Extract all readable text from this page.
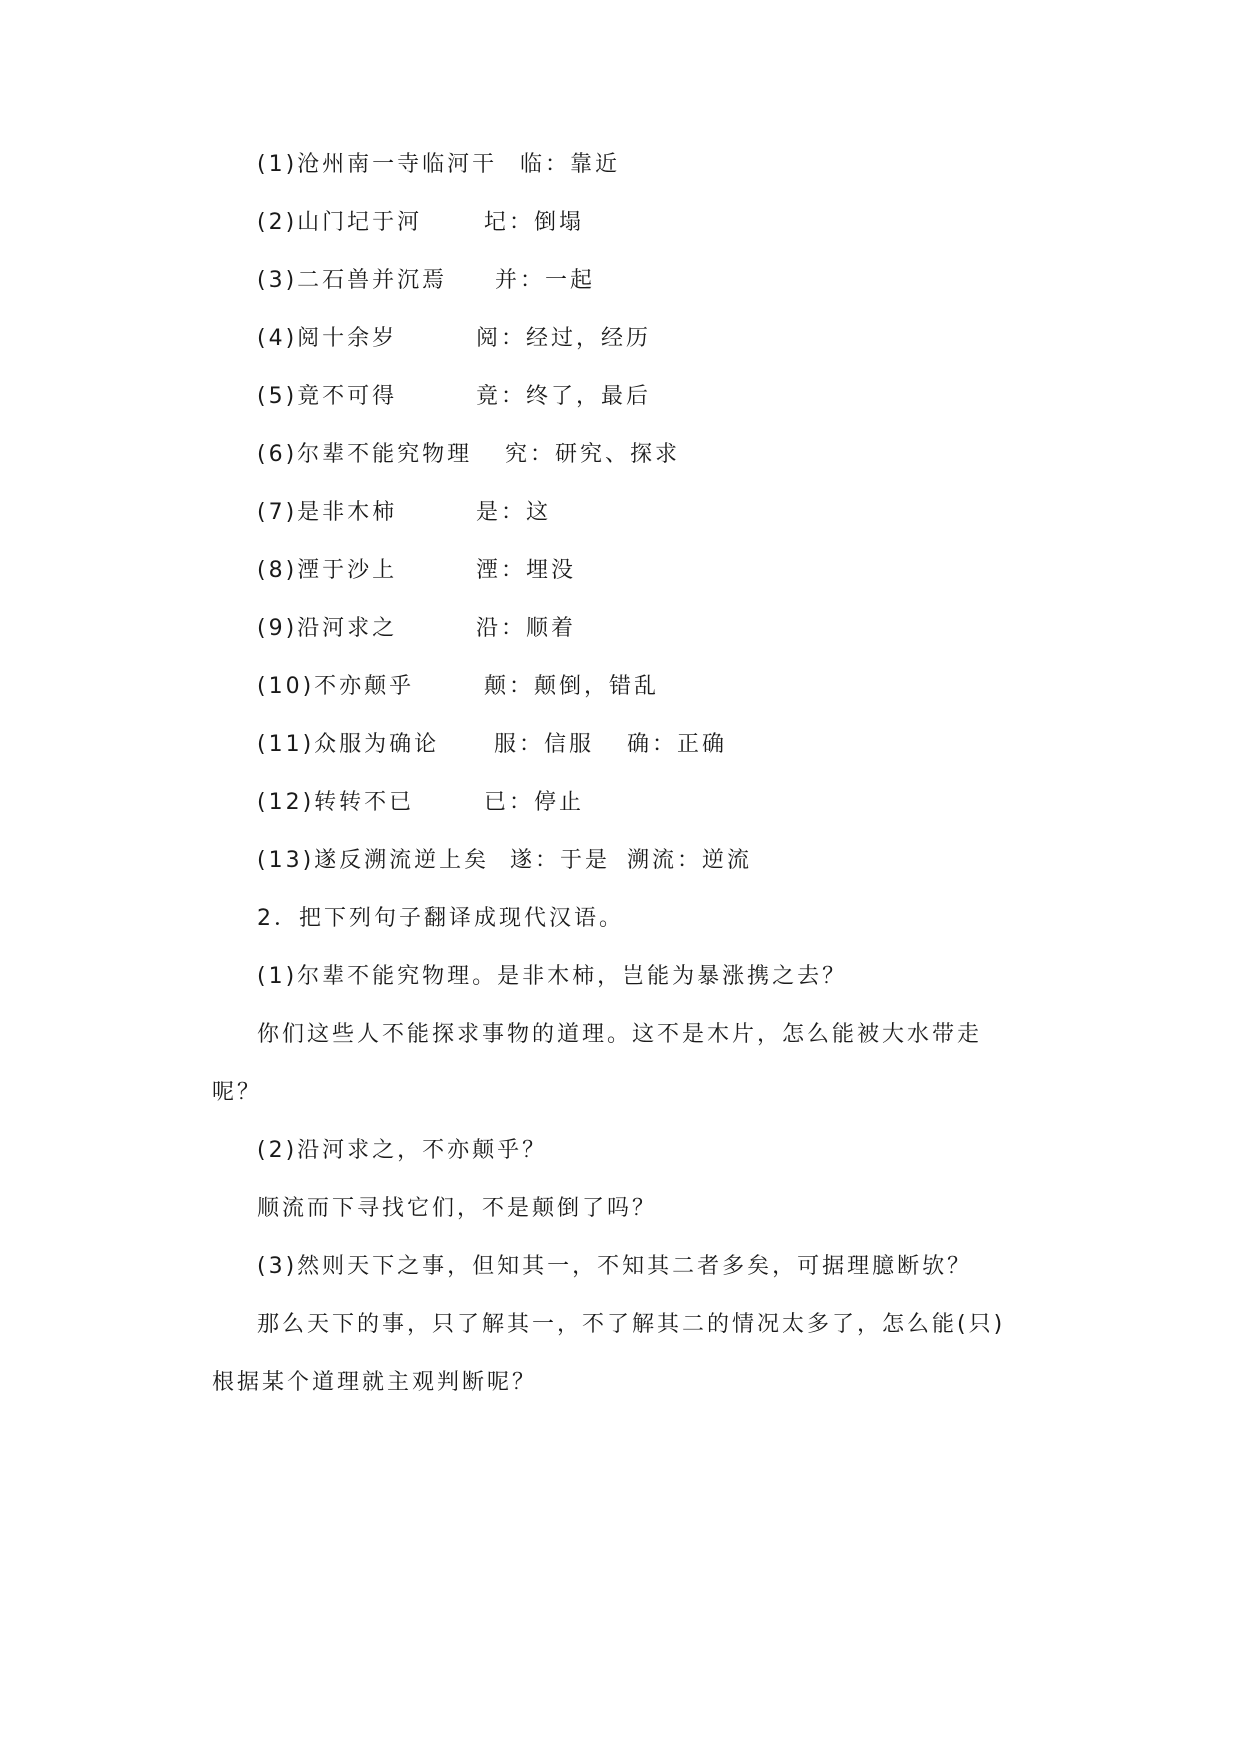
(1)沧州南一寺临河干 临：靠近
(2)山门圮于河	圮：倒塌
(3)二石兽并沉焉 并：一起
(4)阅十余岁	阅：经过，经历
(5)竟不可得	竟：终了，最后
(6)尔辈不能究物理 究：研究、探求
(7)是非木柿	是：这
(8)湮于沙上	湮：埋没
(9)沿河求之	沿：顺着
(10)不亦颠乎	颠：颠倒，错乱
(11)众服为确论 服：信服 确：正确
(12)转转不已	已：停止
(13)遂反溯流逆上矣 遂：于是 溯流：逆流
2．把下列句子翻译成现代汉语。
(1)尔辈不能究物理。是非木柿，岂能为暴涨携之去？
你们这些人不能探求事物的道理。这不是木片，怎么能被大水带走
呢？
(2)沿河求之，不亦颠乎？
顺流而下寻找它们，不是颠倒了吗？
(3)然则天下之事，但知其一，不知其二者多矣，可据理臆断欤？
那么天下的事，只了解其一，不了解其二的情况太多了，怎么能(只)
根据某个道理就主观判断呢？
